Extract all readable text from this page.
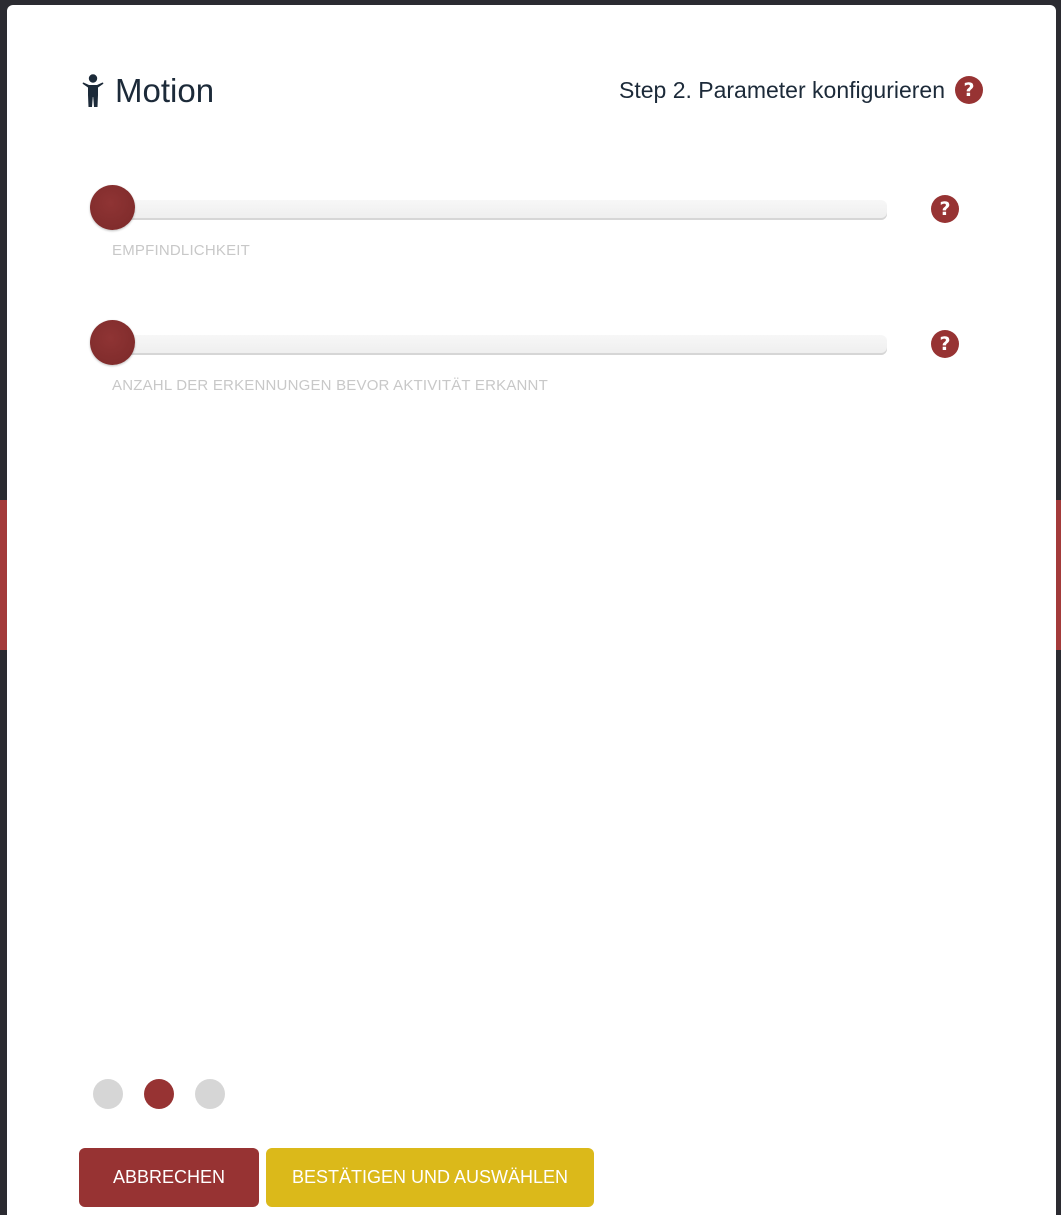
Motion	Step 2. Parameter konfigurieren ?
EMPFINDLICHKEIT
?
ANZAHL DER ERKENNUNGEN BEVOR AKTIVITÄT ERKANNT
?
ABBRECHEN	BESTÄTIGEN UND AUSWÄHLEN
